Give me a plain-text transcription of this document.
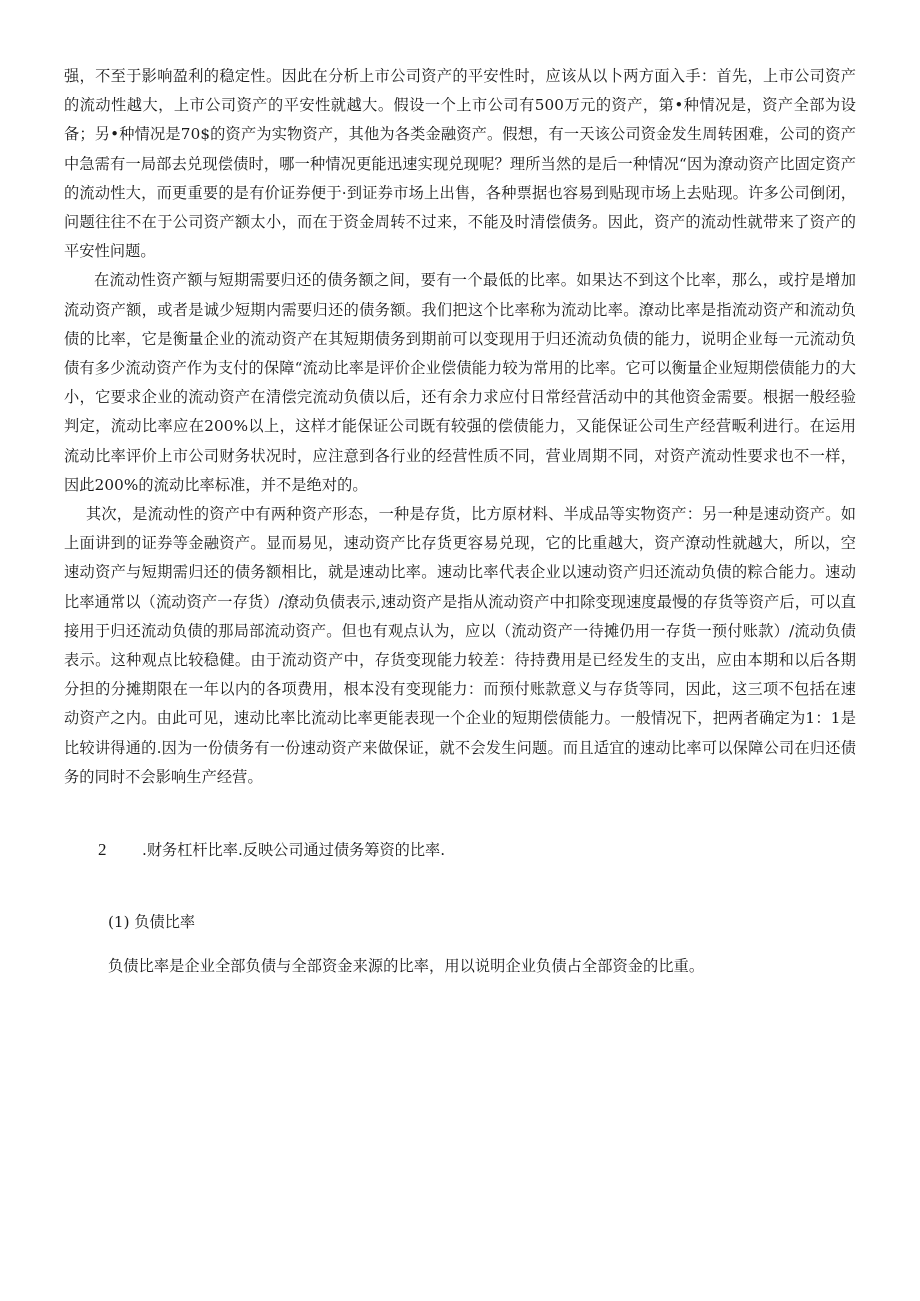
强，不至于影响盈利的稳定性。因此在分析上市公司资产的平安性时，应该从以卜两方面入手：首先，上市公司资产的流动性越大，上市公司资产的平安性就越大。假设一个上市公司有500万元的资产，第•种情况是，资产全部为设备；另•种情况是70$的资产为实物资产，其他为各类金融资产。假想，有一天该公司资金发生周转困难，公司的资产中急需有一局部去兑现偿债时，哪一种情况更能迅速实现兑现呢？理所当然的是后一种情况“因为潦动资产比固定资产的流动性大，而更重要的是有价证券便于·到证券市场上出售，各种票据也容易到贴现市场上去贴现。许多公司倒闭，问题往往不在于公司资产额太小，而在于资金周转不过来，不能及时清偿债务。因此，资产的流动性就带来了资产的平安性问题。

在流动性资产额与短期需要归还的债务额之间，要有一个最低的比率。如果达不到这个比率，那么，或拧是增加流动资产额，或者是诚少短期内需要归还的债务额。我们把这个比率称为流动比率。潦动比率是指流动资产和流动负债的比率，它是衡量企业的流动资产在其短期债务到期前可以变现用于归还流动负债的能力，说明企业每一元流动负债有多少流动资产作为支付的保障“流动比率是评价企业偿债能力较为常用的比率。它可以衡量企业短期偿债能力的大小，它要求企业的流动资产在清偿完流动负债以后，还有余力求应付日常经营活动中的其他资金需要。根据一般经验判定，流动比率应在200%以上，这样才能保证公司既有较强的偿债能力，又能保证公司生产经营畈利进行。在运用流动比率评价上市公司财务状况时，应注意到各行业的经营性质不同，营业周期不同，对资产流动性要求也不一样，因此200%的流动比率标准，并不是绝对的。

其次，是流动性的资产中有两种资产形态，一种是存货，比方原材料、半成品等实物资产：另一种是速动资产。如上面讲到的证券等金融资产。显而易见，速动资产比存货更容易兑现，它的比重越大，资产潦动性就越大，所以，空速动资产与短期需归还的债务额相比，就是速动比率。速动比率代表企业以速动资产归还流动负债的粽合能力。速动比率通常以（流动资产一存货）/潦动负债表示,速动资产是指从流动资产中扣除变现速度最慢的存货等资产后，可以直接用于归还流动负债的那局部流动资产。但也有观点认为，应以（流动资产一待摊仍用一存货一预付账款）/流动负债表示。这种观点比较稳健。由于流动资产中，存货变现能力较差：待持费用是已经发生的支出，应由本期和以后各期分担的分摊期限在一年以内的各项费用，根本没有变现能力：而预付账款意义与存货等同，因此，这三项不包括在速动资产之内。由此可见，速动比率比流动比率更能表现一个企业的短期偿债能力。一般情况下，把两者确定为1：1是比较讲得通的.因为一份债务有一份速动资产来做保证，就不会发生问题。而且适宜的速动比率可以保障公司在归还债务的同时不会影响生产经营。

2	.财务杠杆比率.反映公司通过债务筹资的比率.
(1) 负债比率

负债比率是企业全部负债与全部资金来源的比率，用以说明企业负债占全部资金的比重。
